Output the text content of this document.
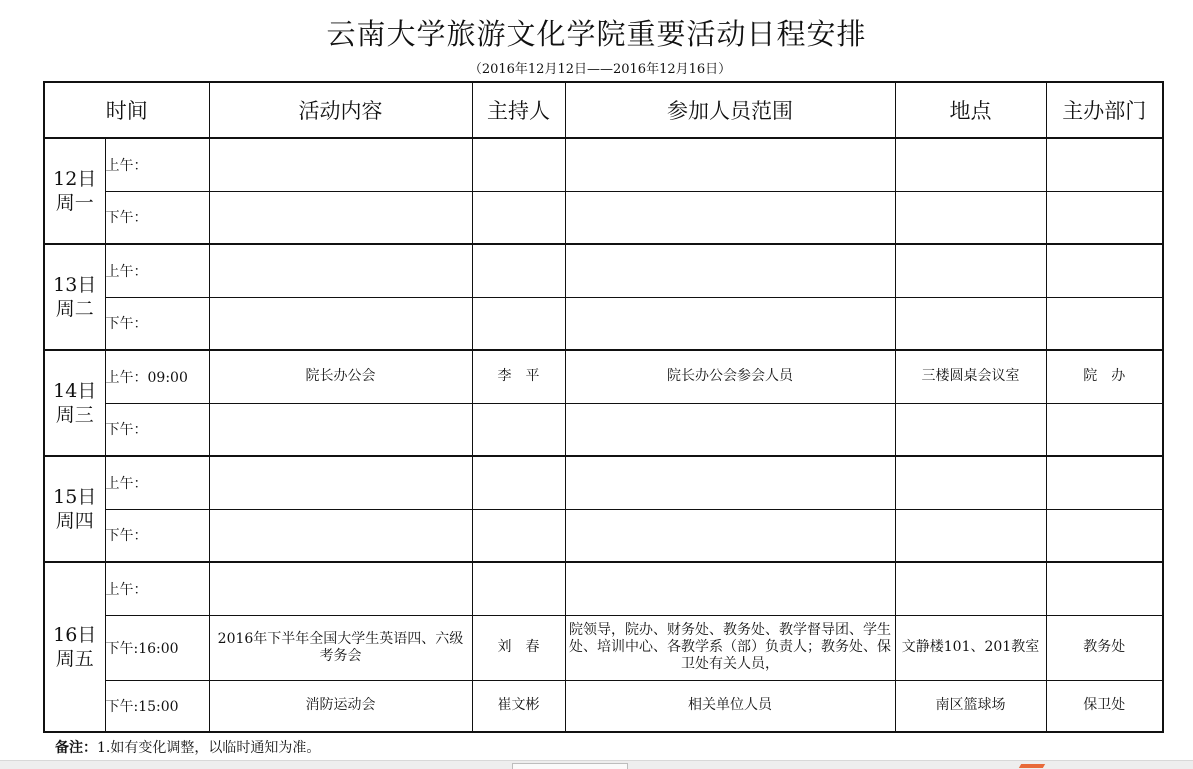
云南大学旅游文化学院重要活动日程安排
（2016年12月12日——2016年12月16日）
时间		活动内容	主持人	参加人员范围	地点	主办部门

12日
周一	上午：					
	下午：					

13日
周二	上午：					
	下午：					

14日
周三	上午：09:00	院长办公会	李　平	院长办公会参会人员	三楼圆桌会议室	院　办
	下午：					

15日
周四	上午：					
	下午：					

16日
周五	上午：					
	下午:16:00	2016年下半年全国大学生英语四、六级考务会	刘　春	院领导，院办、财务处、教务处、教学督导团、学生处、培训中心、各教学系（部）负责人；教务处、保卫处有关人员，	文静楼101、201教室	教务处
	下午:15:00	消防运动会	崔文彬	相关单位人员	南区篮球场	保卫处
备注：1.如有变化调整，以临时通知为准。
